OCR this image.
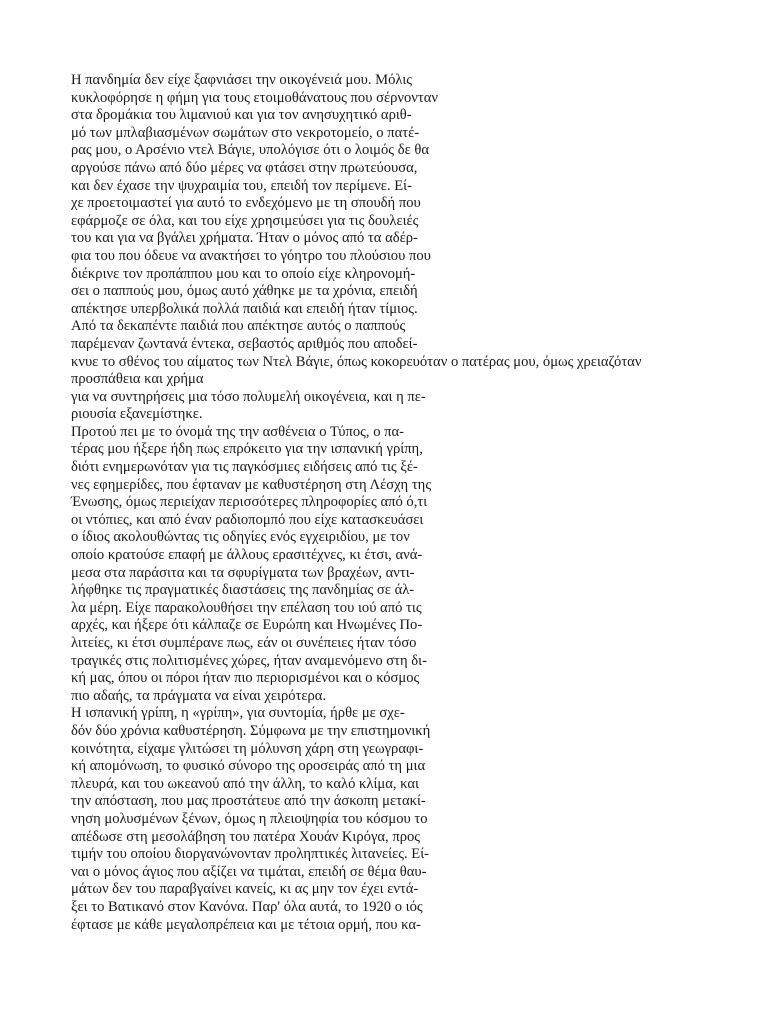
Η πανδημία δεν είχε ξαφνιάσει την οικογένειά μου. Μόλις
κυκλοφόρησε η φήμη για τους ετοιμοθάνατους που σέρνονταν
στα δρομάκια του λιμανιού και για τον ανησυχητικό αριθ-
μό των μπλαβιασμένων σωμάτων στο νεκροτομείο, ο πατέ-
ρας μου, ο Αρσένιο ντελ Βάγιε, υπολόγισε ότι ο λοιμός δε θα
αργούσε πάνω από δύο μέρες να φτάσει στην πρωτεύουσα,
και δεν έχασε την ψυχραιμία του, επειδή τον περίμενε. Εί-
χε προετοιμαστεί για αυτό το ενδεχόμενο με τη σπουδή που
εφάρμοζε σε όλα, και του είχε χρησιμεύσει για τις δουλειές
του και για να βγάλει χρήματα. Ήταν ο μόνος από τα αδέρ-
φια του που όδευε να ανακτήσει το γόητρο του πλούσιου που
διέκρινε τον προπάππου μου και το οποίο είχε κληρονομή-
σει ο παππούς μου, όμως αυτό χάθηκε με τα χρόνια, επειδή
απέκτησε υπερβολικά πολλά παιδιά και επειδή ήταν τίμιος.
Από τα δεκαπέντε παιδιά που απέκτησε αυτός ο παππούς
παρέμεναν ζωντανά έντεκα, σεβαστός αριθμός που αποδεί-
κνυε το σθένος του αίματος των Ντελ Βάγιε, όπως κοκορευόταν ο πατέρας μου, όμως χρειαζόταν
προσπάθεια και χρήμα
για να συντηρήσεις μια τόσο πολυμελή οικογένεια, και η πε-
ριουσία εξανεμίστηκε.
Προτού πει με το όνομά της την ασθένεια ο Τύπος, ο πα-
τέρας μου ήξερε ήδη πως επρόκειτο για την ισπανική γρίπη,
διότι ενημερωνόταν για τις παγκόσμιες ειδήσεις από τις ξέ-
νες εφημερίδες, που έφταναν με καθυστέρηση στη Λέσχη της
Ένωσης, όμως περιείχαν περισσότερες πληροφορίες από ό,τι
οι ντόπιες, και από έναν ραδιοπομπό που είχε κατασκευάσει
ο ίδιος ακολουθώντας τις οδηγίες ενός εγχειριδίου, με τον
οποίο κρατούσε επαφή με άλλους ερασιτέχνες, κι έτσι, ανά-
μεσα στα παράσιτα και τα σφυρίγματα των βραχέων, αντι-
λήφθηκε τις πραγματικές διαστάσεις της πανδημίας σε άλ-
λα μέρη. Είχε παρακολουθήσει την επέλαση του ιού από τις
αρχές, και ήξερε ότι κάλπαζε σε Ευρώπη και Ηνωμένες Πο-
λιτείες, κι έτσι συμπέρανε πως, εάν οι συνέπειες ήταν τόσο
τραγικές στις πολιτισμένες χώρες, ήταν αναμενόμενο στη δι-
κή μας, όπου οι πόροι ήταν πιο περιορισμένοι και ο κόσμος
πιο αδαής, τα πράγματα να είναι χειρότερα.
Η ισπανική γρίπη, η «γρίπη», για συντομία, ήρθε με σχε-
δόν δύο χρόνια καθυστέρηση. Σύμφωνα με την επιστημονική
κοινότητα, είχαμε γλιτώσει τη μόλυνση χάρη στη γεωγραφι-
κή απομόνωση, το φυσικό σύνορο της οροσειράς από τη μια
πλευρά, και του ωκεανού από την άλλη, το καλό κλίμα, και
την απόσταση, που μας προστάτευε από την άσκοπη μετακί-
νηση μολυσμένων ξένων, όμως η πλειοψηφία του κόσμου το
απέδωσε στη μεσολάβηση του πατέρα Χουάν Κιρόγα, προς
τιμήν του οποίου διοργανώνονταν προληπτικές λιτανείες. Εί-
ναι ο μόνος άγιος που αξίζει να τιμάται, επειδή σε θέμα θαυ-
μάτων δεν του παραβγαίνει κανείς, κι ας μην τον έχει εντά-
ξει το Βατικανό στον Κανόνα. Παρ' όλα αυτά, το 1920 ο ιός
έφτασε με κάθε μεγαλοπρέπεια και με τέτοια ορμή, που κα-
